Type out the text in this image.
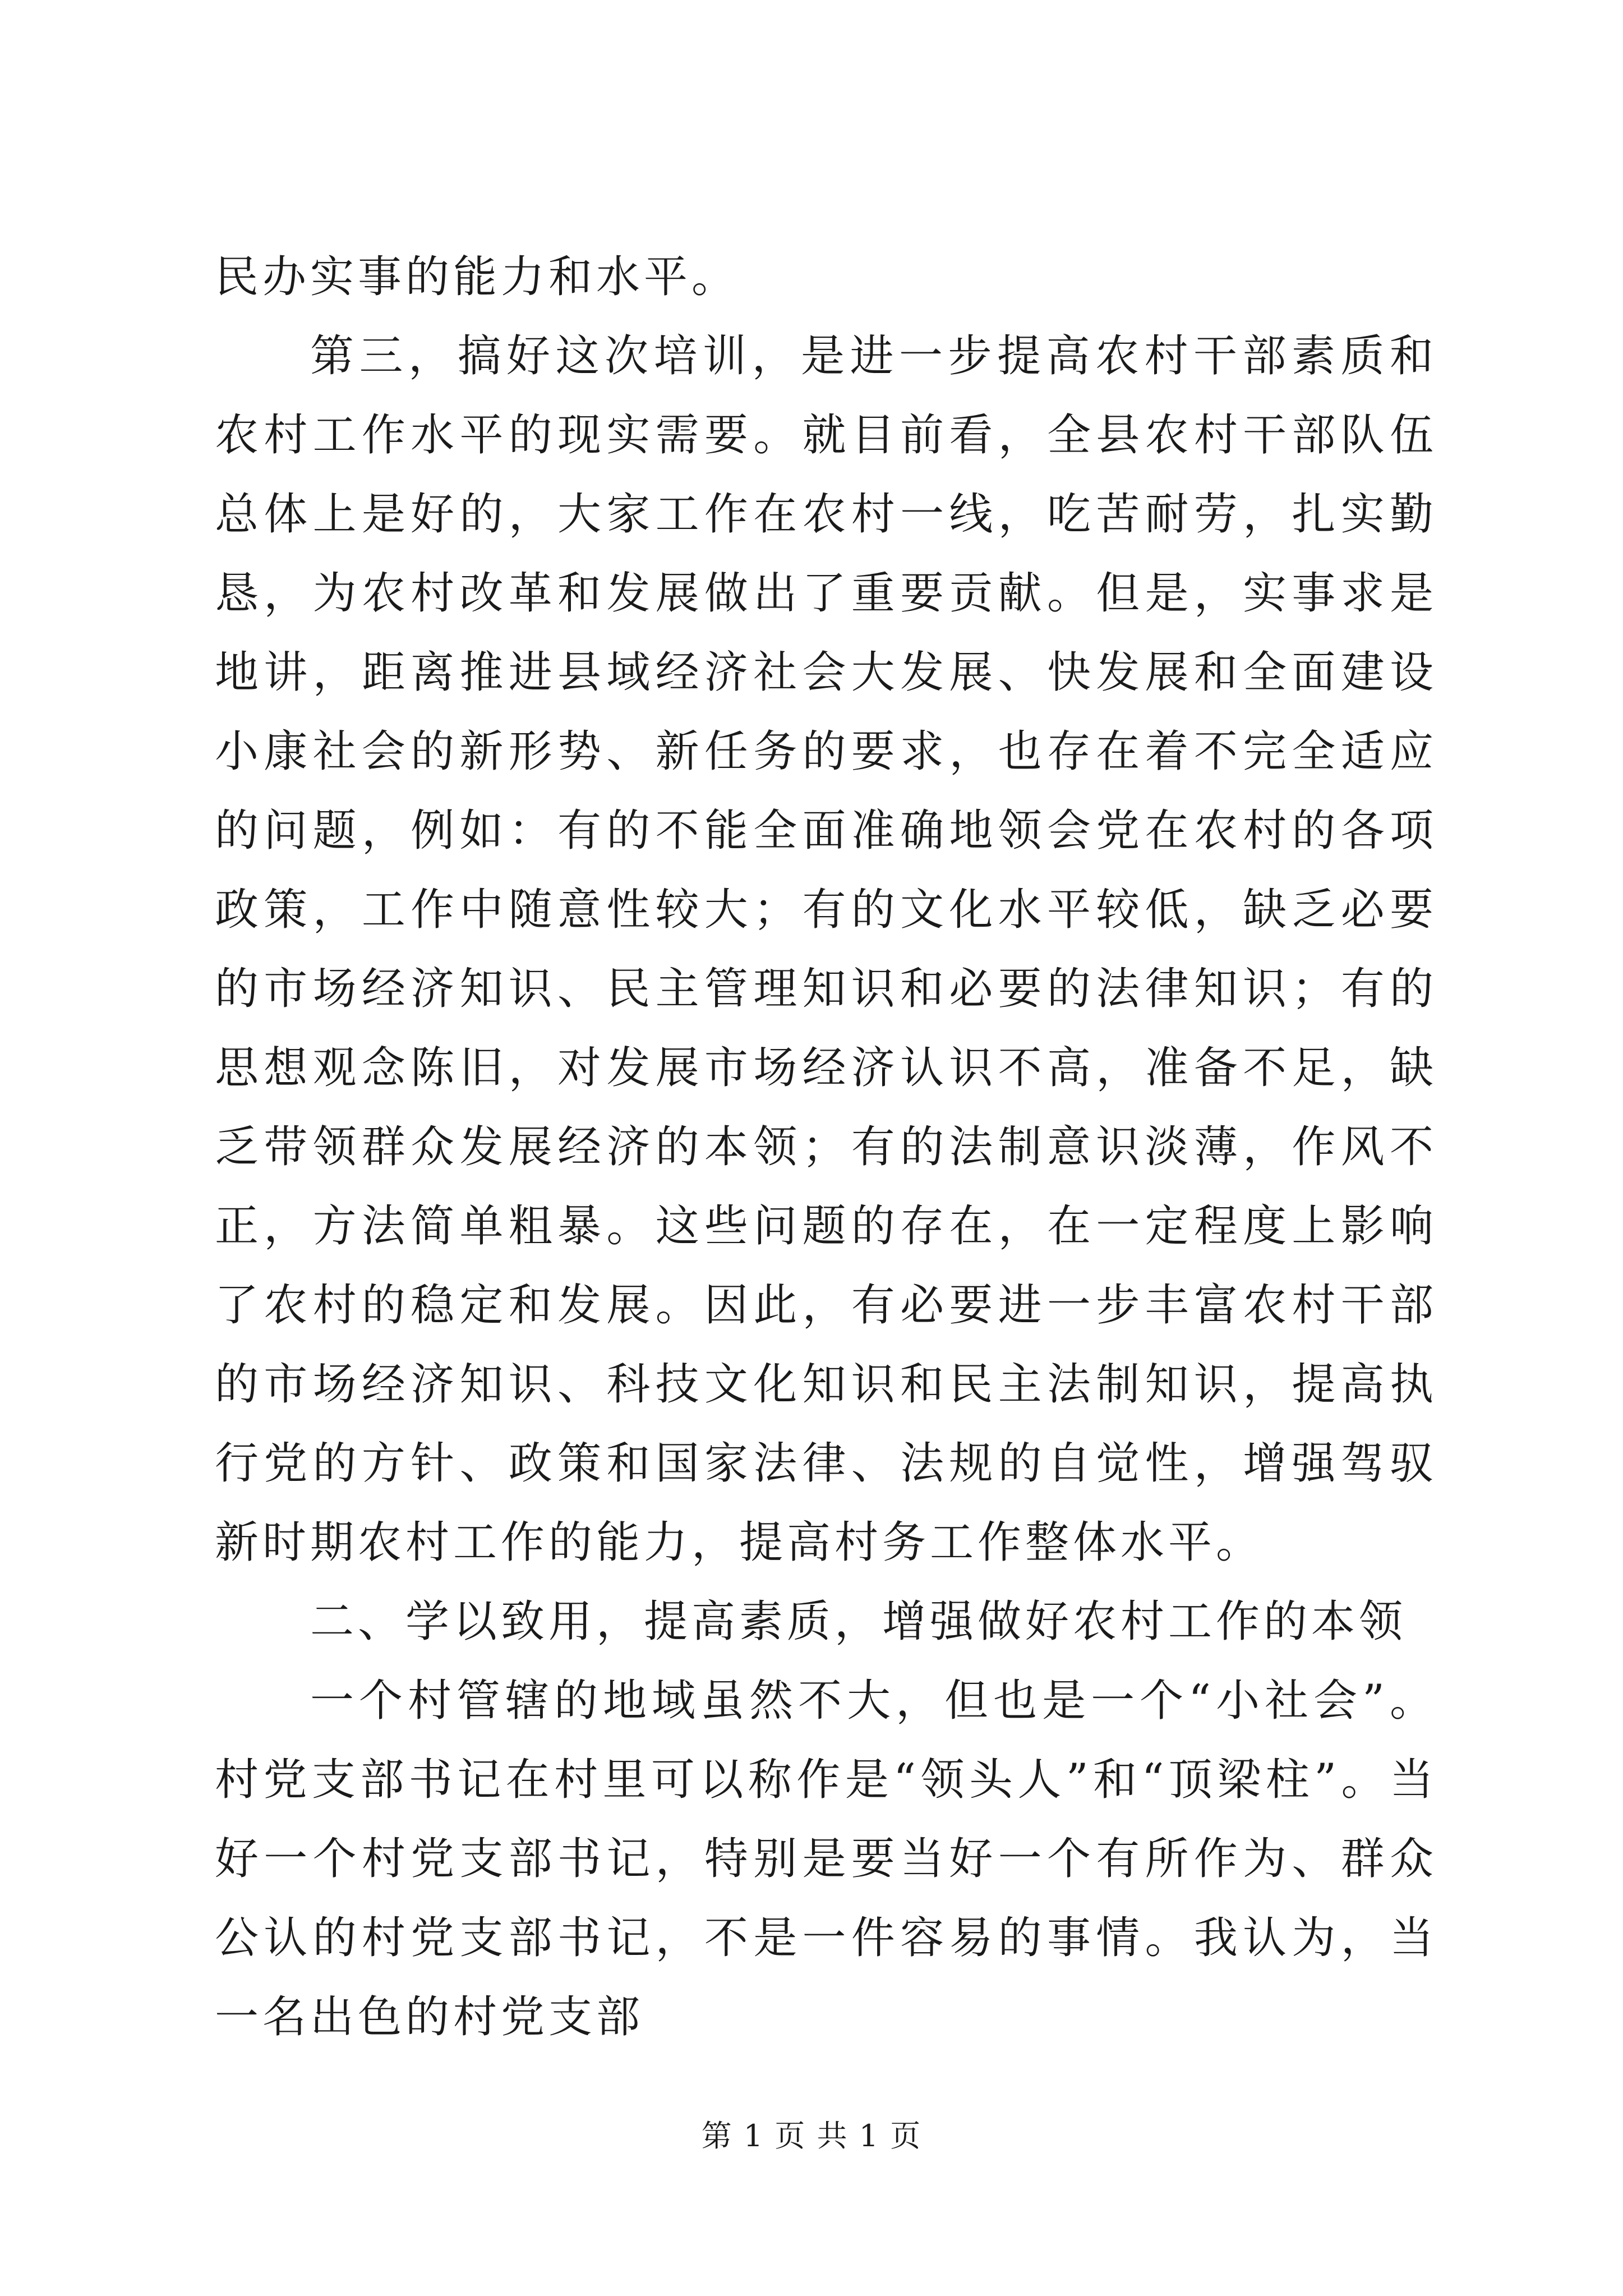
民办实事的能力和水平。

第三，搞好这次培训，是进一步提高农村干部素质和农村工作水平的现实需要。就目前看，全县农村干部队伍总体上是好的，大家工作在农村一线，吃苦耐劳，扎实勤恳，为农村改革和发展做出了重要贡献。但是，实事求是地讲，距离推进县域经济社会大发展、快发展和全面建设小康社会的新形势、新任务的要求，也存在着不完全适应的问题，例如：有的不能全面准确地领会党在农村的各项政策，工作中随意性较大；有的文化水平较低，缺乏必要的市场经济知识、民主管理知识和必要的法律知识；有的思想观念陈旧，对发展市场经济认识不高，准备不足，缺乏带领群众发展经济的本领；有的法制意识淡薄，作风不正，方法简单粗暴。这些问题的存在，在一定程度上影响了农村的稳定和发展。因此，有必要进一步丰富农村干部的市场经济知识、科技文化知识和民主法制知识，提高执行党的方针、政策和国家法律、法规的自觉性，增强驾驭新时期农村工作的能力，提高村务工作整体水平。

二、学以致用，提高素质，增强做好农村工作的本领

一个村管辖的地域虽然不大，但也是一个“小社会”。村党支部书记在村里可以称作是“领头人”和“顶梁柱”。当好一个村党支部书记，特别是要当好一个有所作为、群众公认的村党支部书记，不是一件容易的事情。我认为，当一名出色的村党支部

第 1 页 共 1 页
